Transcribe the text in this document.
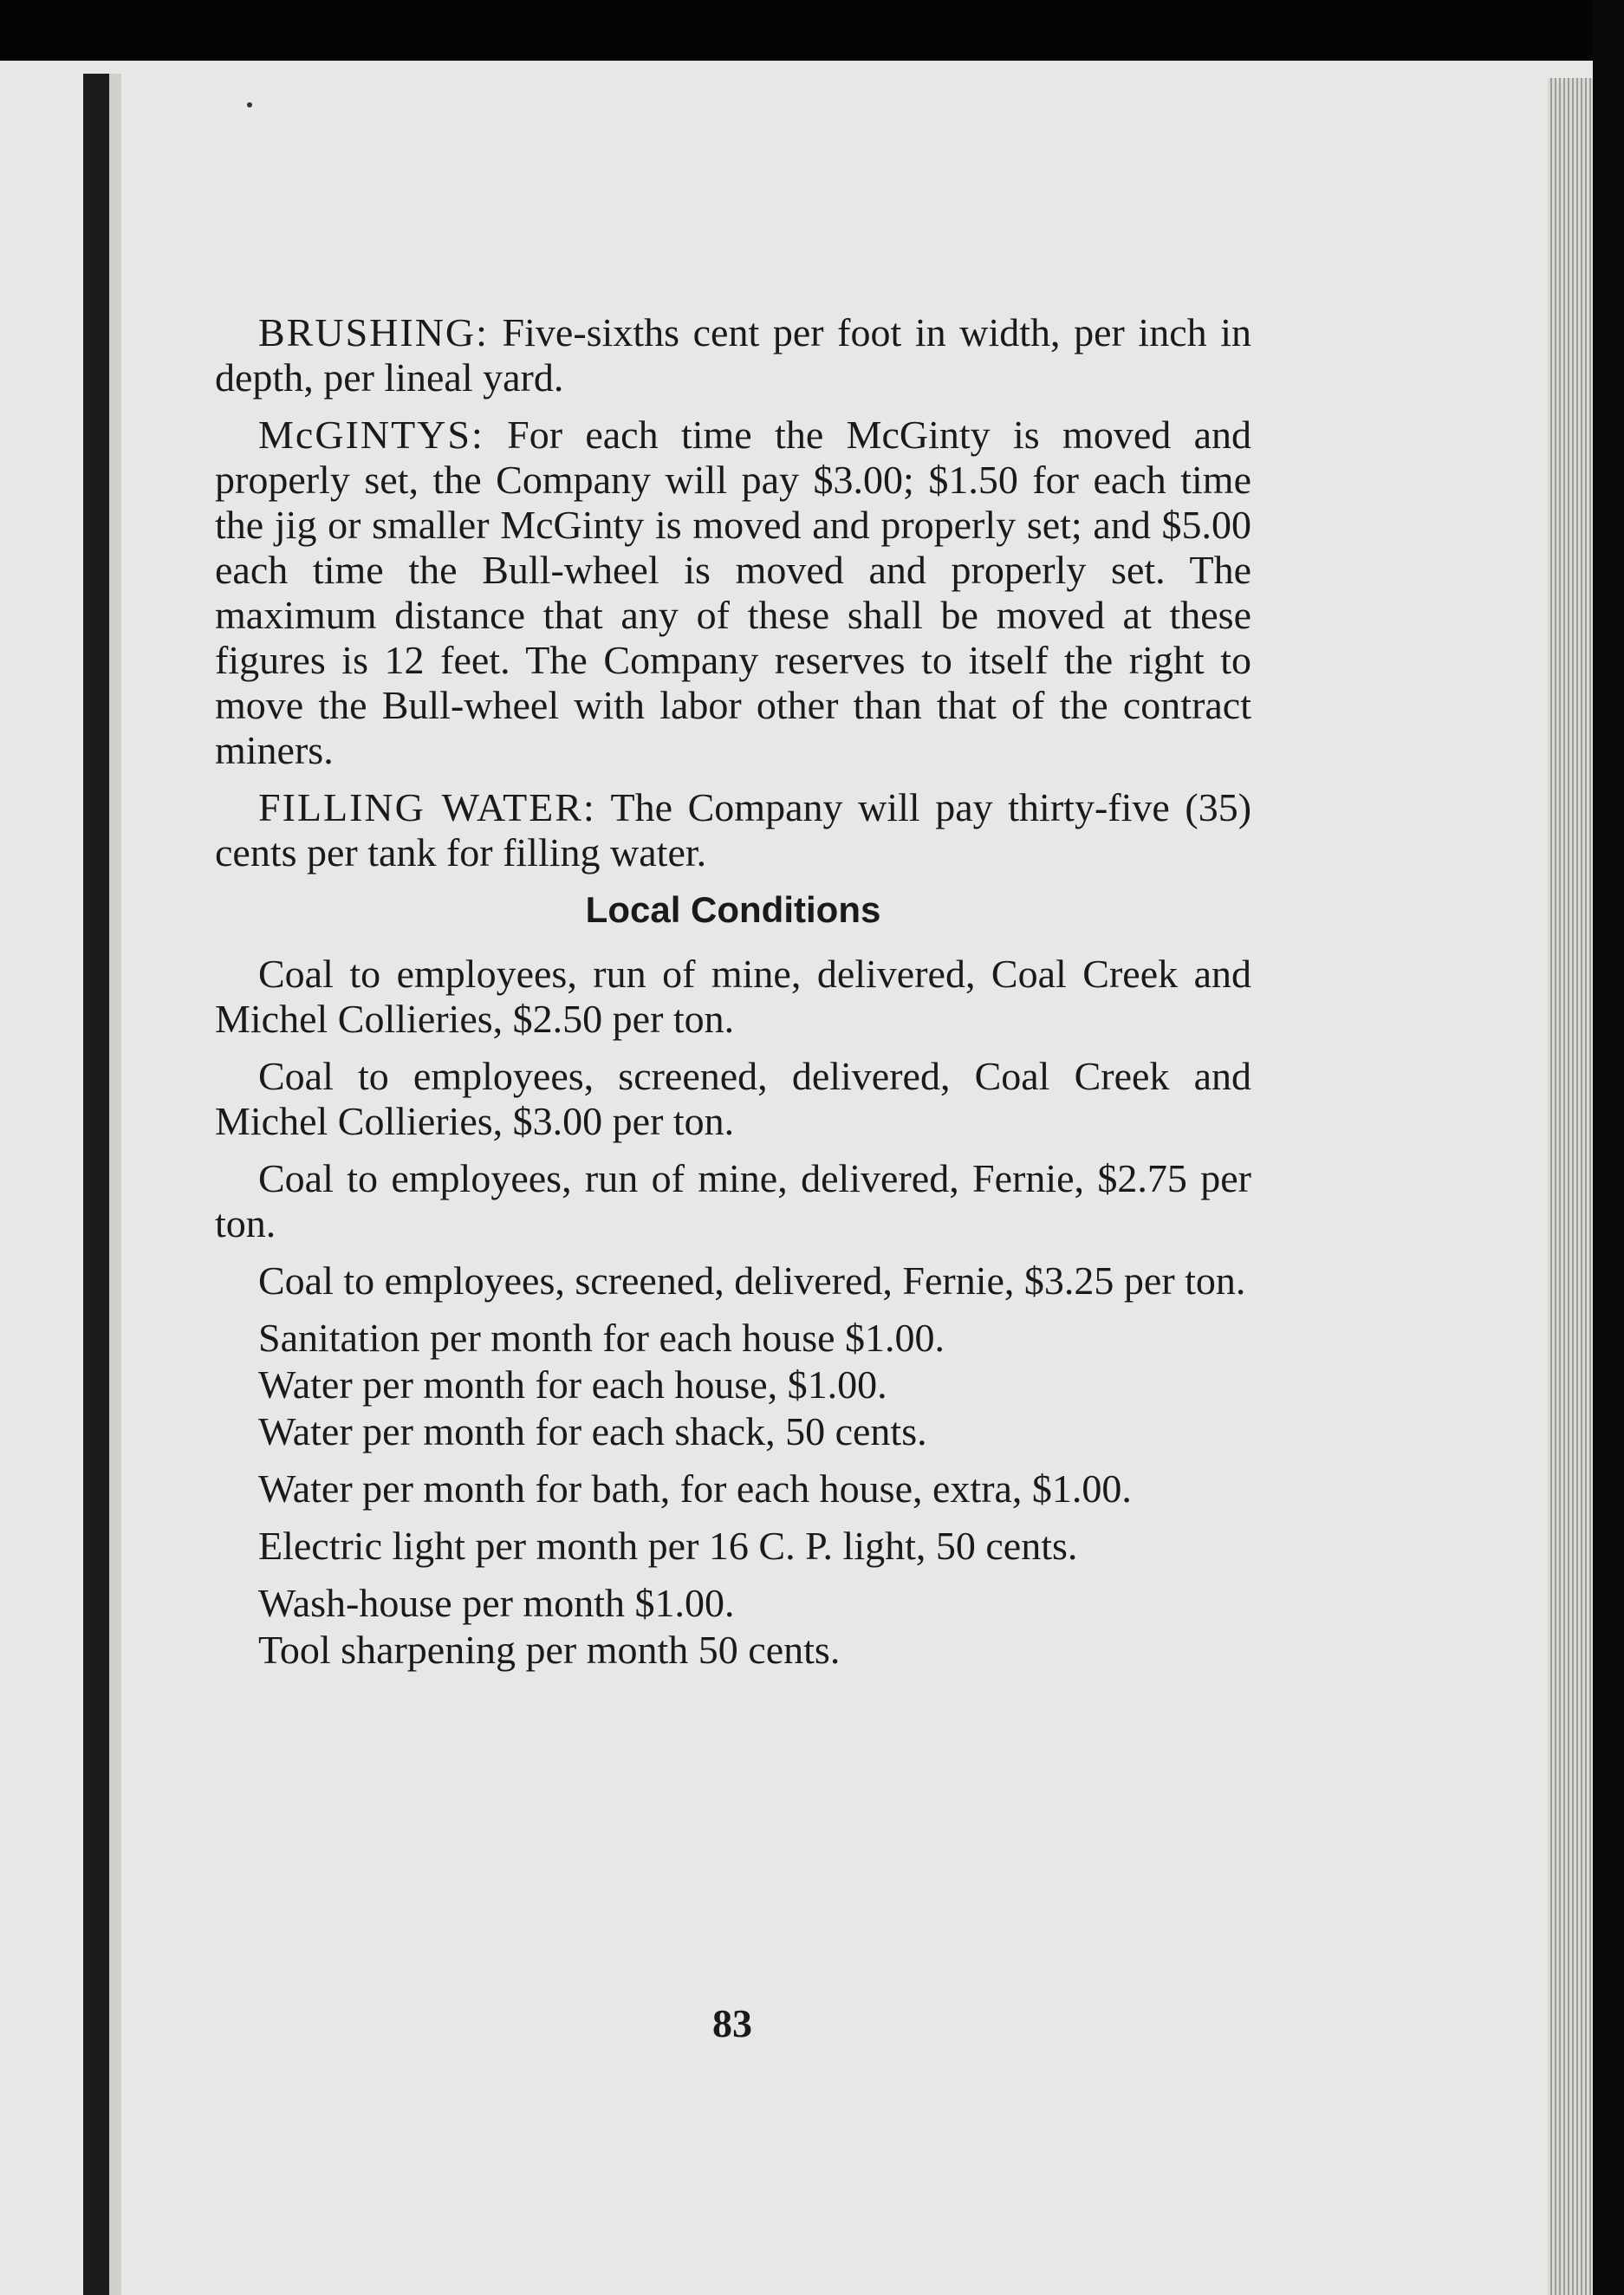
BRUSHING: Five-sixths cent per foot in width, per inch in depth, per lineal yard.

McGINTYS: For each time the McGinty is moved and properly set, the Company will pay $3.00; $1.50 for each time the jig or smaller McGinty is moved and properly set; and $5.00 each time the Bull-wheel is moved and properly set. The maximum distance that any of these shall be moved at these figures is 12 feet. The Company reserves to itself the right to move the Bull-wheel with labor other than that of the contract miners.

FILLING WATER: The Company will pay thirty-five (35) cents per tank for filling water.

Local Conditions

Coal to employees, run of mine, delivered, Coal Creek and Michel Collieries, $2.50 per ton.

Coal to employees, screened, delivered, Coal Creek and Michel Collieries, $3.00 per ton.

Coal to employees, run of mine, delivered, Fernie, $2.75 per ton.

Coal to employees, screened, delivered, Fernie, $3.25 per ton.

Sanitation per month for each house $1.00.

Water per month for each house, $1.00.

Water per month for each shack, 50 cents.

Water per month for bath, for each house, extra, $1.00.

Electric light per month per 16 C. P. light, 50 cents.

Wash-house per month $1.00.

Tool sharpening per month 50 cents.

83
